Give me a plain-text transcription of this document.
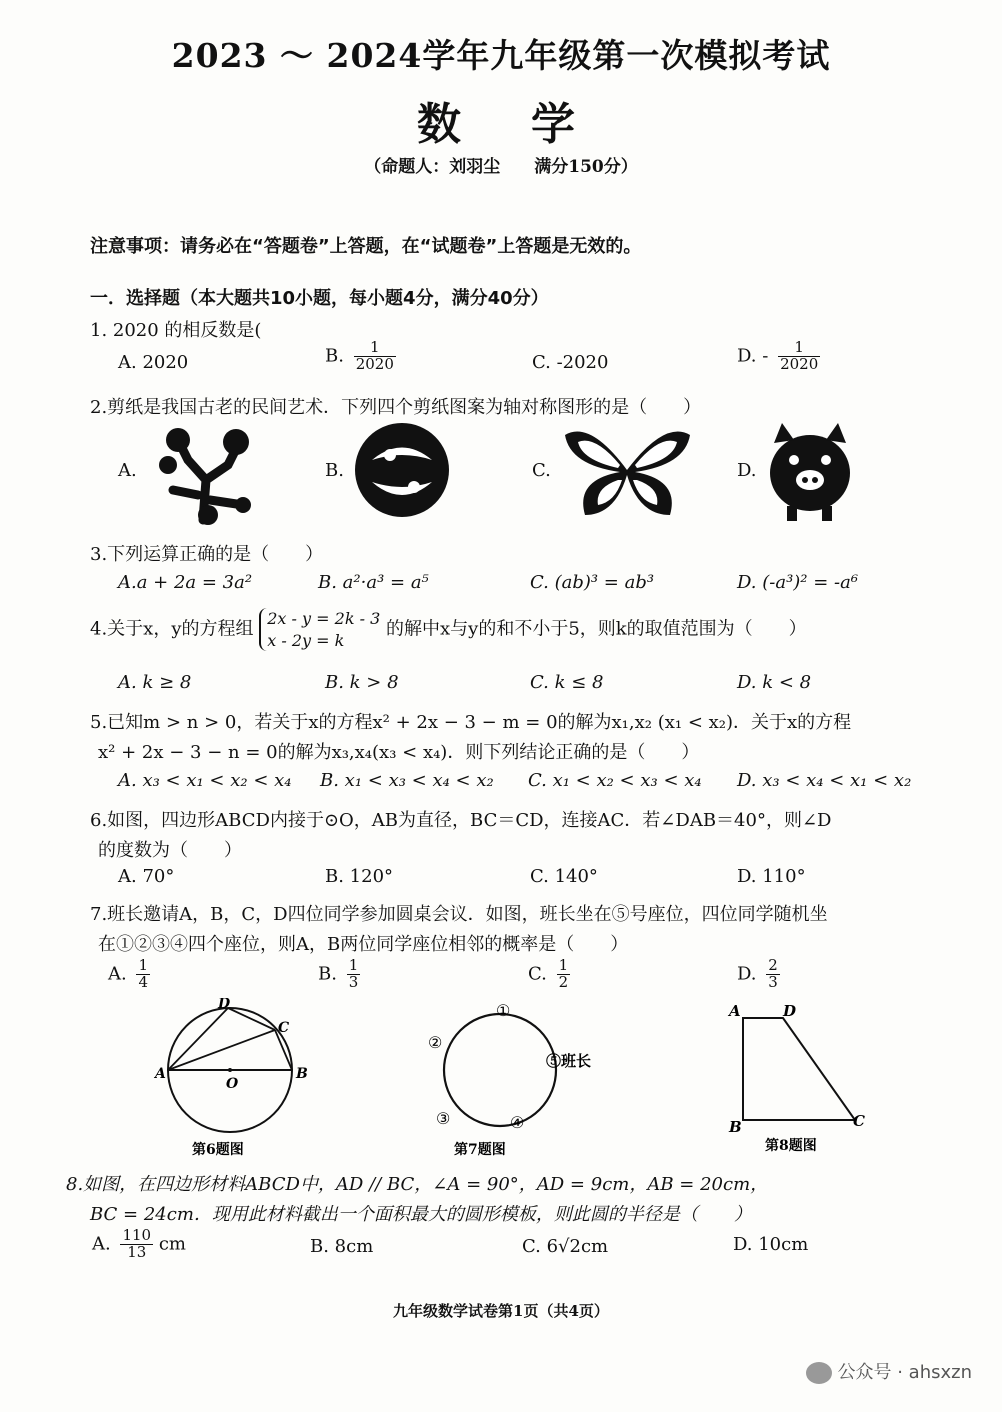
2023 ～ 2024学年九年级第一次模拟考试
数学
（命题人：刘羽尘　　满分150分）
注意事项：请务必在“答题卷”上答题，在“试题卷”上答题是无效的。
一．选择题（本大题共10小题，每小题4分，满分40分）
1. 2020 的相反数是(
A. 2020	B. $\frac{1}{2020}$	C. -2020	D. - $\frac{1}{2020}$
2.剪纸是我国古老的民间艺术．下列四个剪纸图案为轴对称图形的是（　　）
A.	B.	C.	D.
3.下列运算正确的是（　　）
A.a + 2a = 3a²	B. a²·a³ = a⁵	C. (ab)³ = ab³	D. (-a³)² = -a⁶
4.关于x，y的方程组
2x - y = 2k - 3
x - 2y = k
的解中x与y的和不小于5，则k的取值范围为（　　）
A. k ≥ 8	B. k > 8	C. k ≤ 8	D. k < 8
5.已知m > n > 0，若关于x的方程x² + 2x − 3 − m = 0的解为x₁,x₂ (x₁ < x₂)．关于x的方程
x² + 2x − 3 − n = 0的解为x₃,x₄(x₃ < x₄)．则下列结论正确的是（　　）
A. x₃ < x₁ < x₂ < x₄ B. x₁ < x₃ < x₄ < x₂ C. x₁ < x₂ < x₃ < x₄ D. x₃ < x₄ < x₁ < x₂
6.如图，四边形ABCD内接于⊙O，AB为直径，BC＝CD，连接AC．若∠DAB＝40°，则∠D
的度数为（　　）
A. 70°	B. 120°	C. 140°	D. 110°
7.班长邀请A，B，C，D四位同学参加圆桌会议．如图，班长坐在⑤号座位，四位同学随机坐
在①②③④四个座位，则A，B两位同学座位相邻的概率是（　　）
A. $\frac{1}{4}$	B. $\frac{1}{3}$	C. $\frac{1}{2}$	D. $\frac{2}{3}$
A	B
C
D
O
第6题图
①
②
③	④
⑤班长
第7题图
A	D
B	C
第8题图
8.如图，在四边形材料ABCD中，AD // BC，∠A = 90°，AD = 9cm，AB = 20cm，
BC = 24cm．现用此材料截出一个面积最大的圆形模板，则此圆的半径是（　　）
A. $\frac{110}{13}$ cm	B. 8cm	C. 6√2cm	D. 10cm
九年级数学试卷第1页（共4页）
公众号 · ahsxzn
